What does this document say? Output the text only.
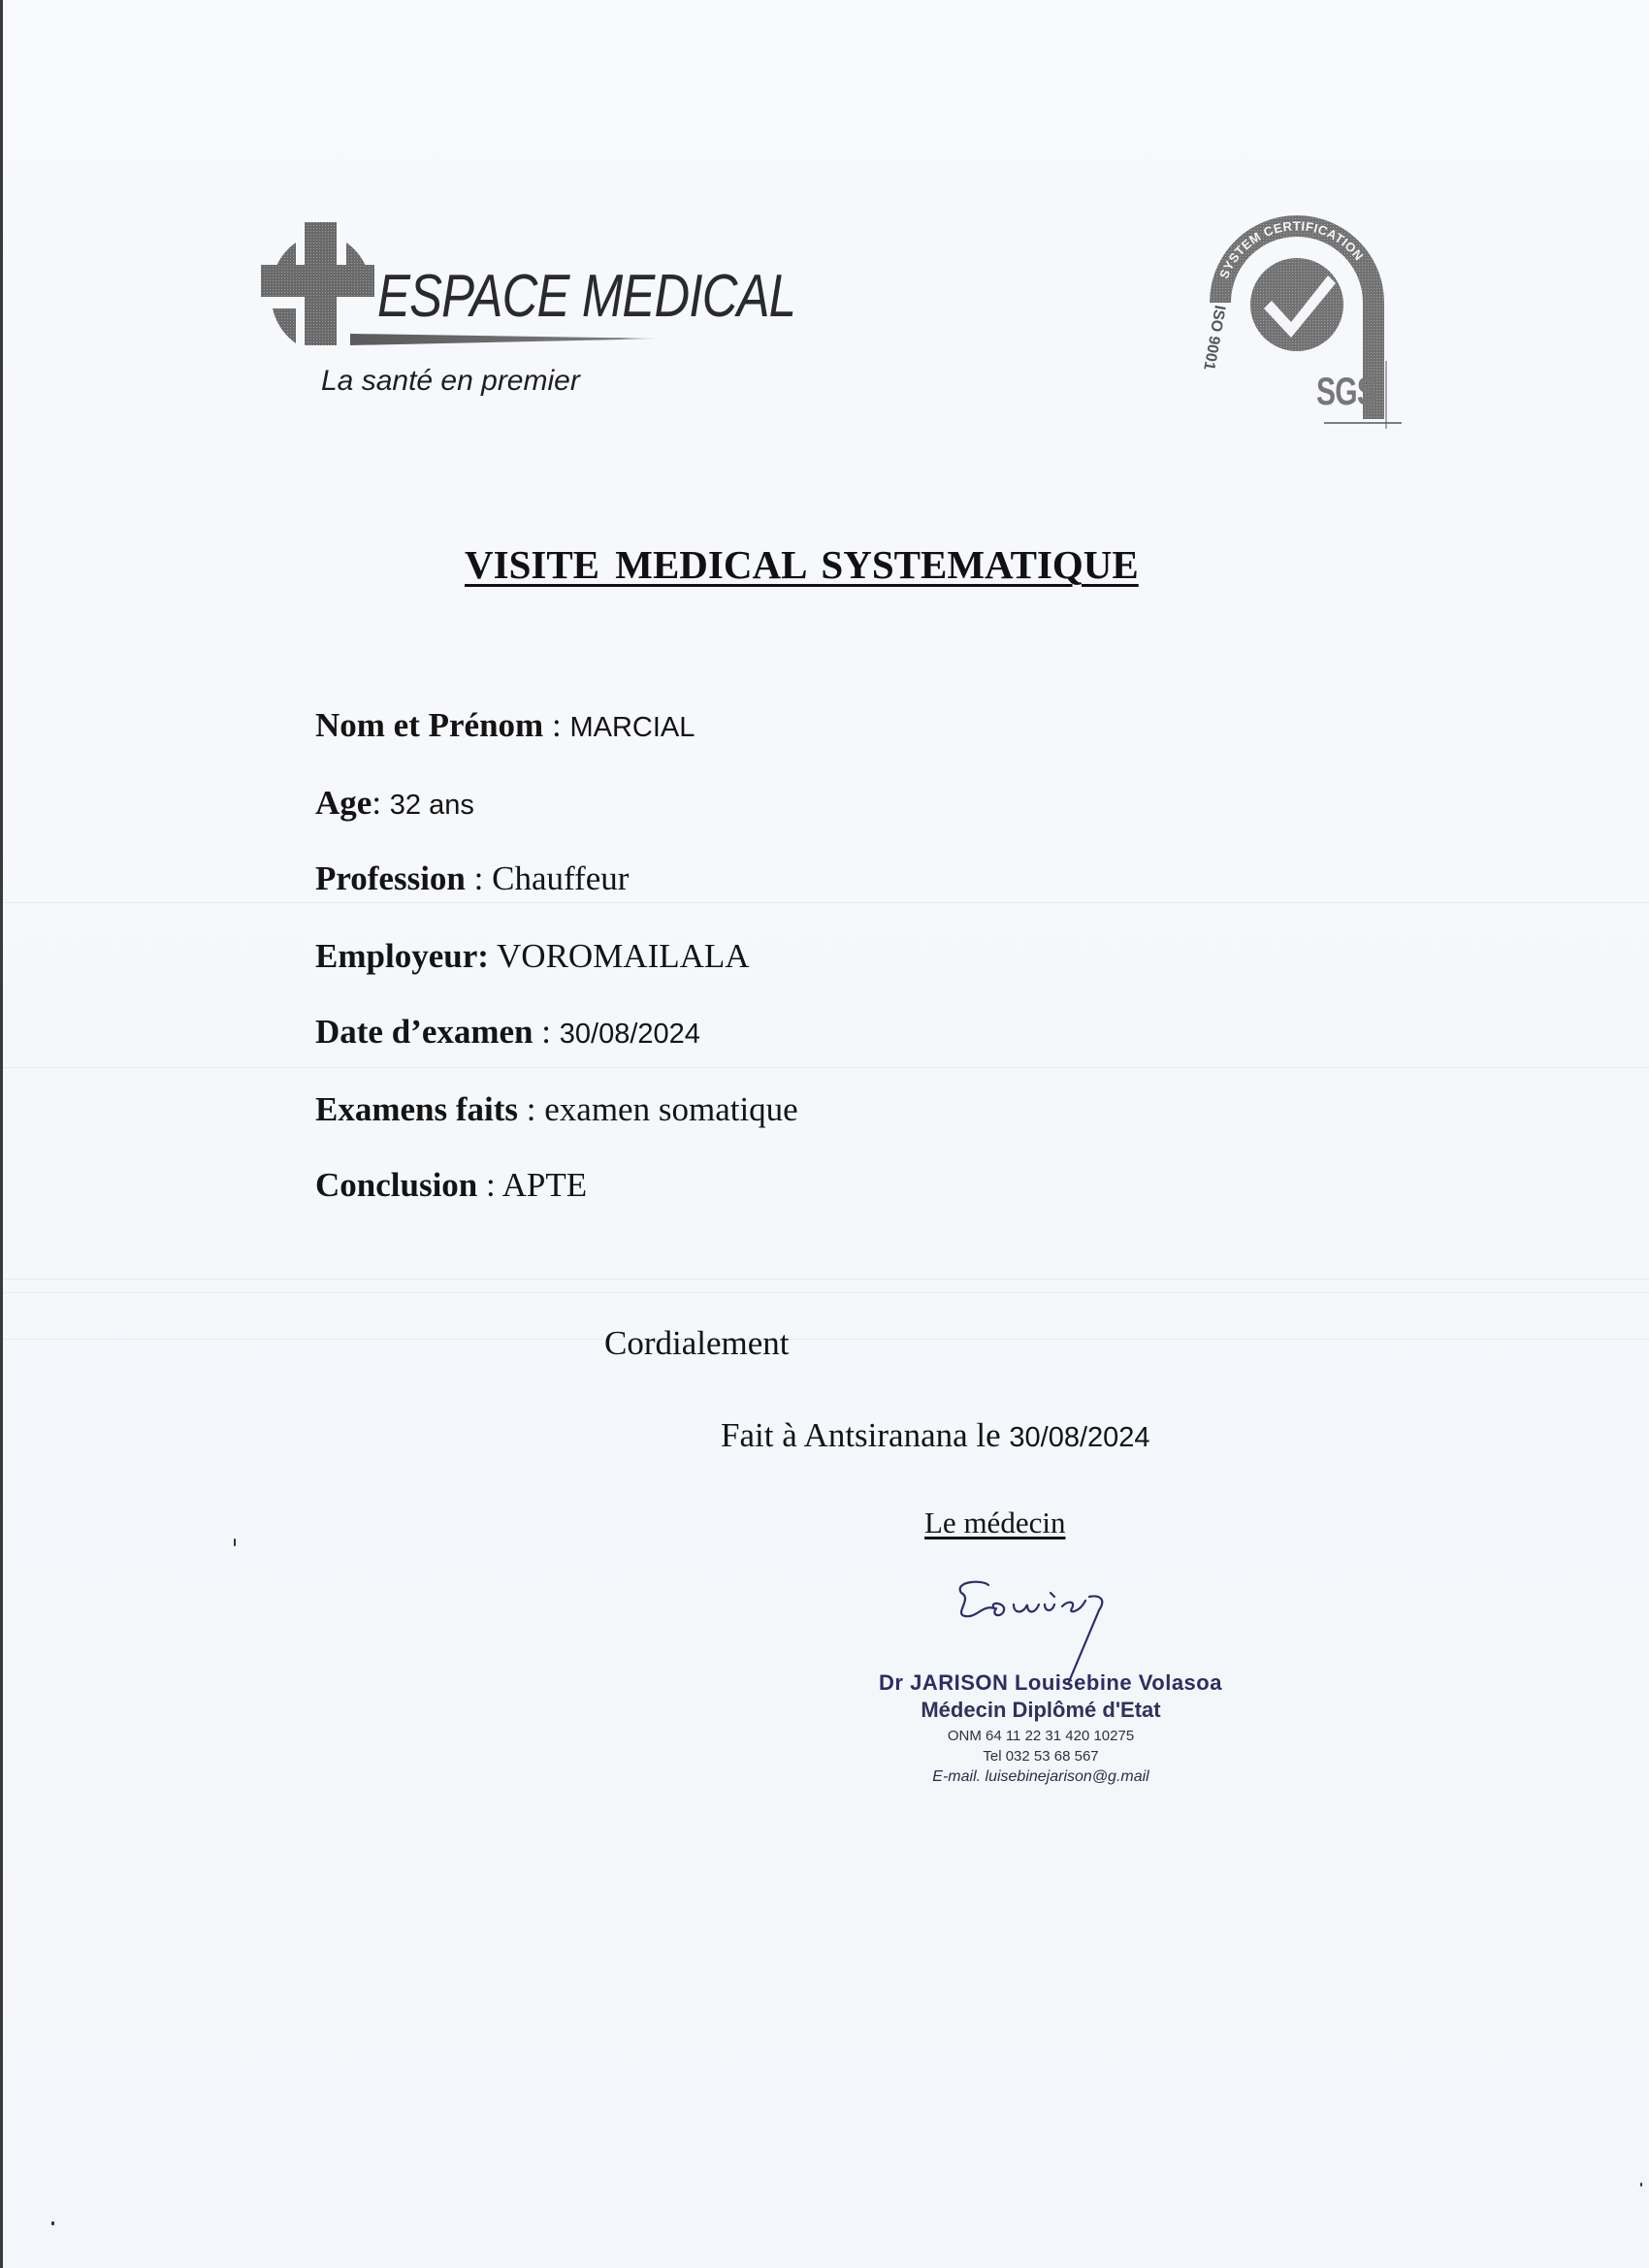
ESPACE MEDICAL
La santé en premier
SYSTEM CERTIFICATION
ISO 9001
SGS
VISITE MEDICAL SYSTEMATIQUE
Nom et Prénom : MARCIAL
Age: 32 ans
Profession : Chauffeur
Employeur: VOROMAILALA
Date d’examen : 30/08/2024
Examens faits : examen somatique
Conclusion : APTE
Cordialement
Fait à Antsiranana le 30/08/2024
Le médecin
Dr JARISON Louisebine Volasoa
Médecin Diplômé d'Etat
ONM 64 11 22 31 420 10275
Tel 032 53 68 567
E-mail. luisebinejarison@g.mail
